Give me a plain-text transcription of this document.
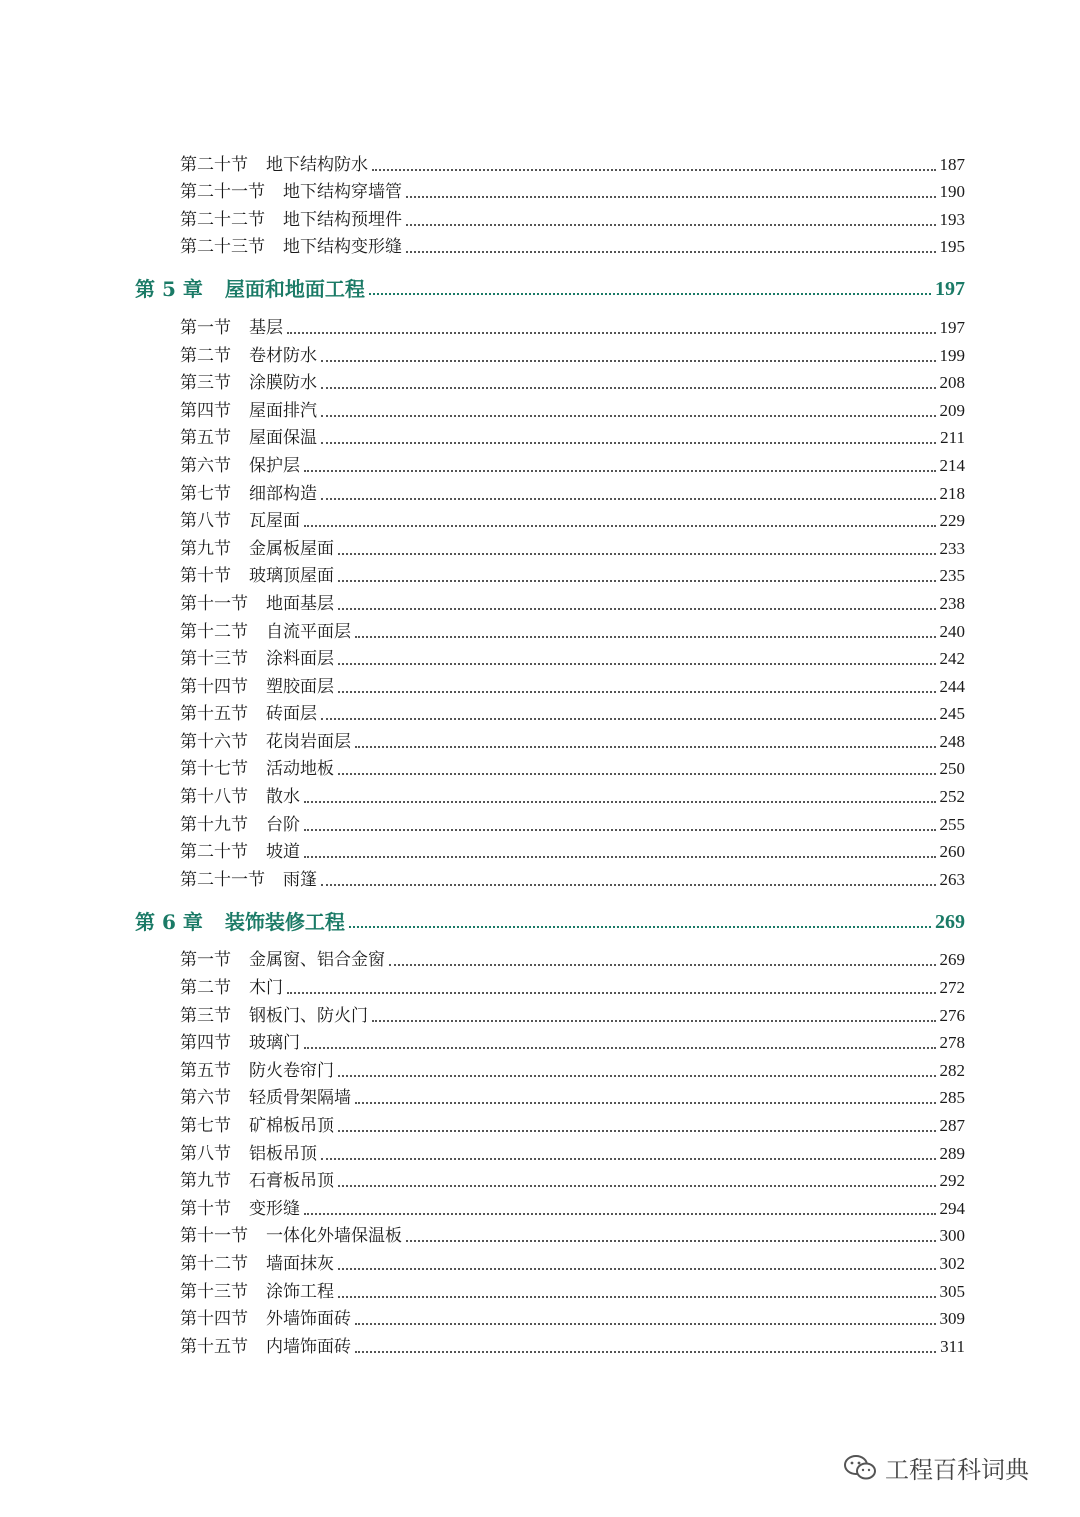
第二十节 地下结构防水	187
第二十一节 地下结构穿墙管	190
第二十二节 地下结构预埋件	193
第二十三节 地下结构变形缝	195
第 5 章 屋面和地面工程	197
第一节 基层	197
第二节 卷材防水	199
第三节 涂膜防水	208
第四节 屋面排汽	209
第五节 屋面保温	211
第六节 保护层	214
第七节 细部构造	218
第八节 瓦屋面	229
第九节 金属板屋面	233
第十节 玻璃顶屋面	235
第十一节 地面基层	238
第十二节 自流平面层	240
第十三节 涂料面层	242
第十四节 塑胶面层	244
第十五节 砖面层	245
第十六节 花岗岩面层	248
第十七节 活动地板	250
第十八节 散水	252
第十九节 台阶	255
第二十节 坡道	260
第二十一节 雨篷	263
第 6 章 装饰装修工程	269
第一节 金属窗、铝合金窗	269
第二节 木门	272
第三节 钢板门、防火门	276
第四节 玻璃门	278
第五节 防火卷帘门	282
第六节 轻质骨架隔墙	285
第七节 矿棉板吊顶	287
第八节 铝板吊顶	289
第九节 石膏板吊顶	292
第十节 变形缝	294
第十一节 一体化外墙保温板	300
第十二节 墙面抹灰	302
第十三节 涂饰工程	305
第十四节 外墙饰面砖	309
第十五节 内墙饰面砖	311
工程百科词典
